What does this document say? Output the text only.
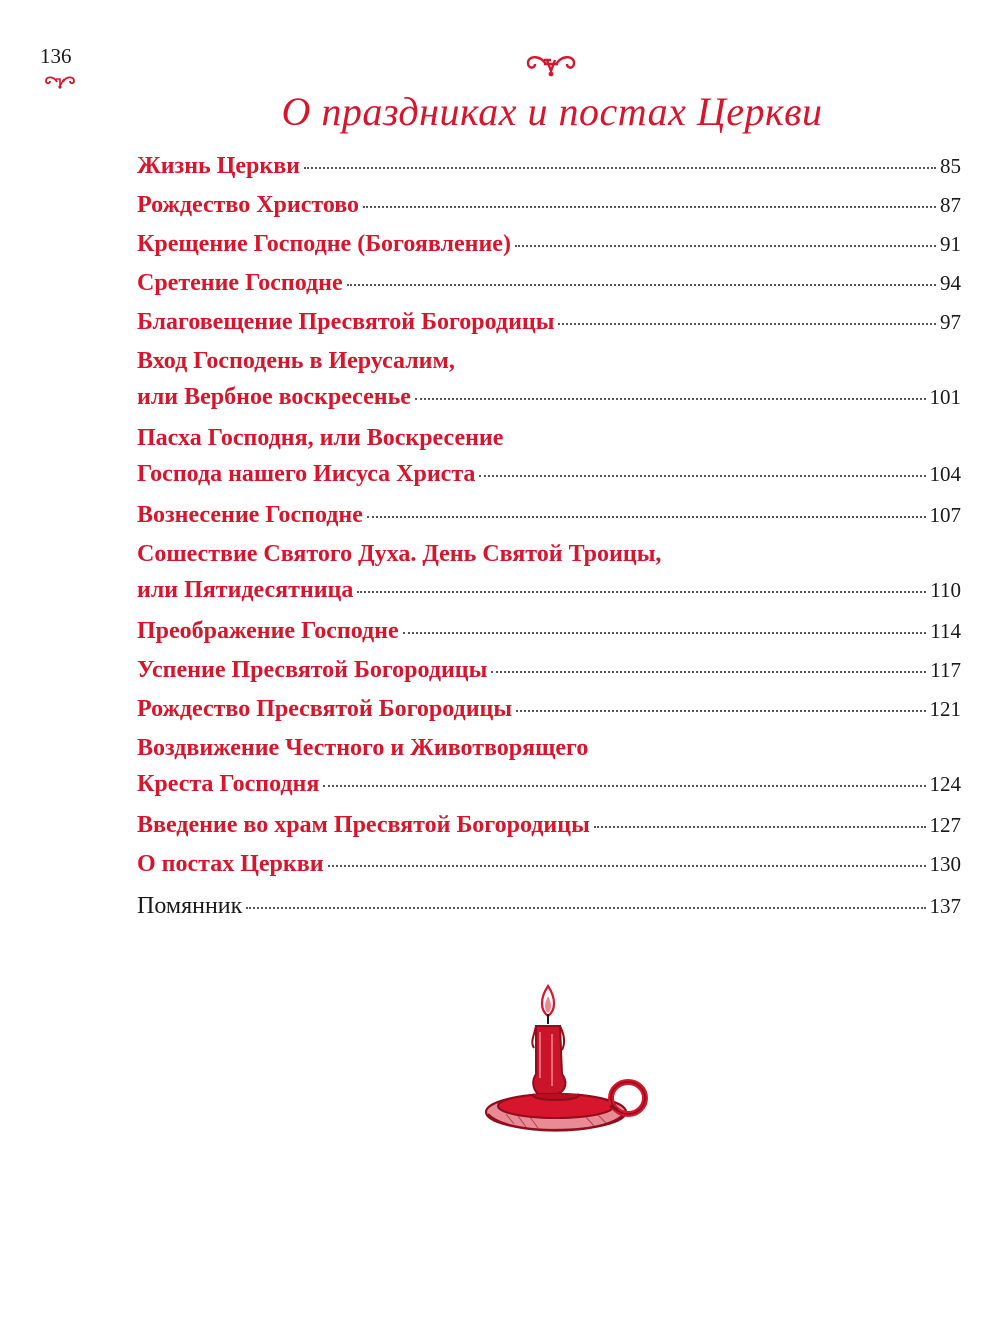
136
О праздниках и постах Церкви
Жизнь Церкви	85
Рождество Христово	87
Крещение Господне (Богоявление)	91
Сретение Господне	94
Благовещение Пресвятой Богородицы	97
Вход Господень в Иерусалим,
или Вербное воскресенье	101
Пасха Господня, или Воскресение
Господа нашего Иисуса Христа	104
Вознесение Господне	107
Сошествие Святого Духа. День Святой Троицы,
или Пятидесятница	110
Преображение Господне	114
Успение Пресвятой Богородицы	117
Рождество Пресвятой Богородицы	121
Воздвижение Честного и Животворящего
Креста Господня	124
Введение во храм Пресвятой Богородицы	127
О постах Церкви	130
Помянник	137
